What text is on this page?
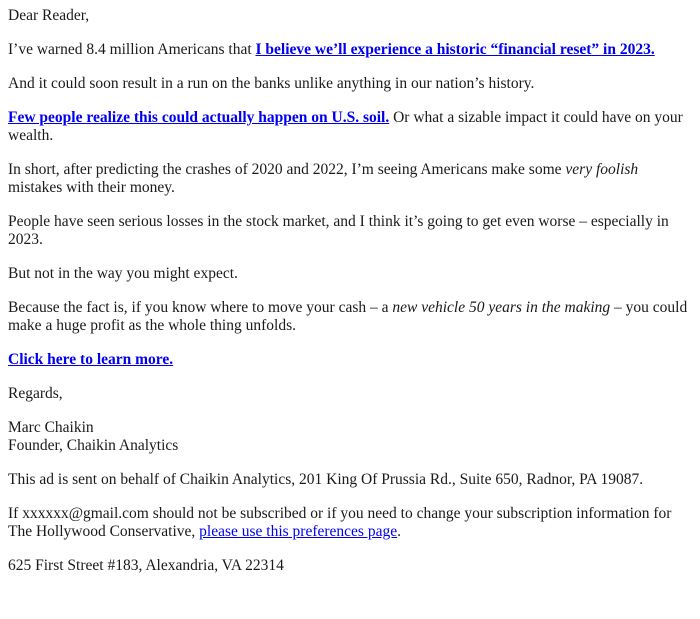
Dear Reader,

I’ve warned 8.4 million Americans that I believe we’ll experience a historic “financial reset” in 2023.

And it could soon result in a run on the banks unlike anything in our nation’s history.

Few people realize this could actually happen on U.S. soil. Or what a sizable impact it could have on your wealth.

In short, after predicting the crashes of 2020 and 2022, I’m seeing Americans make some very foolish mistakes with their money.

People have seen serious losses in the stock market, and I think it’s going to get even worse – especially in 2023.

But not in the way you might expect.

Because the fact is, if you know where to move your cash – a new vehicle 50 years in the making – you could make a huge profit as the whole thing unfolds.

Click here to learn more.

Regards,

Marc Chaikin

Founder, Chaikin Analytics

This ad is sent on behalf of Chaikin Analytics, 201 King Of Prussia Rd., Suite 650, Radnor, PA 19087.

If xxxxxx@gmail.com should not be subscribed or if you need to change your subscription information for The Hollywood Conservative, please use this preferences page.

625 First Street #183, Alexandria, VA 22314
